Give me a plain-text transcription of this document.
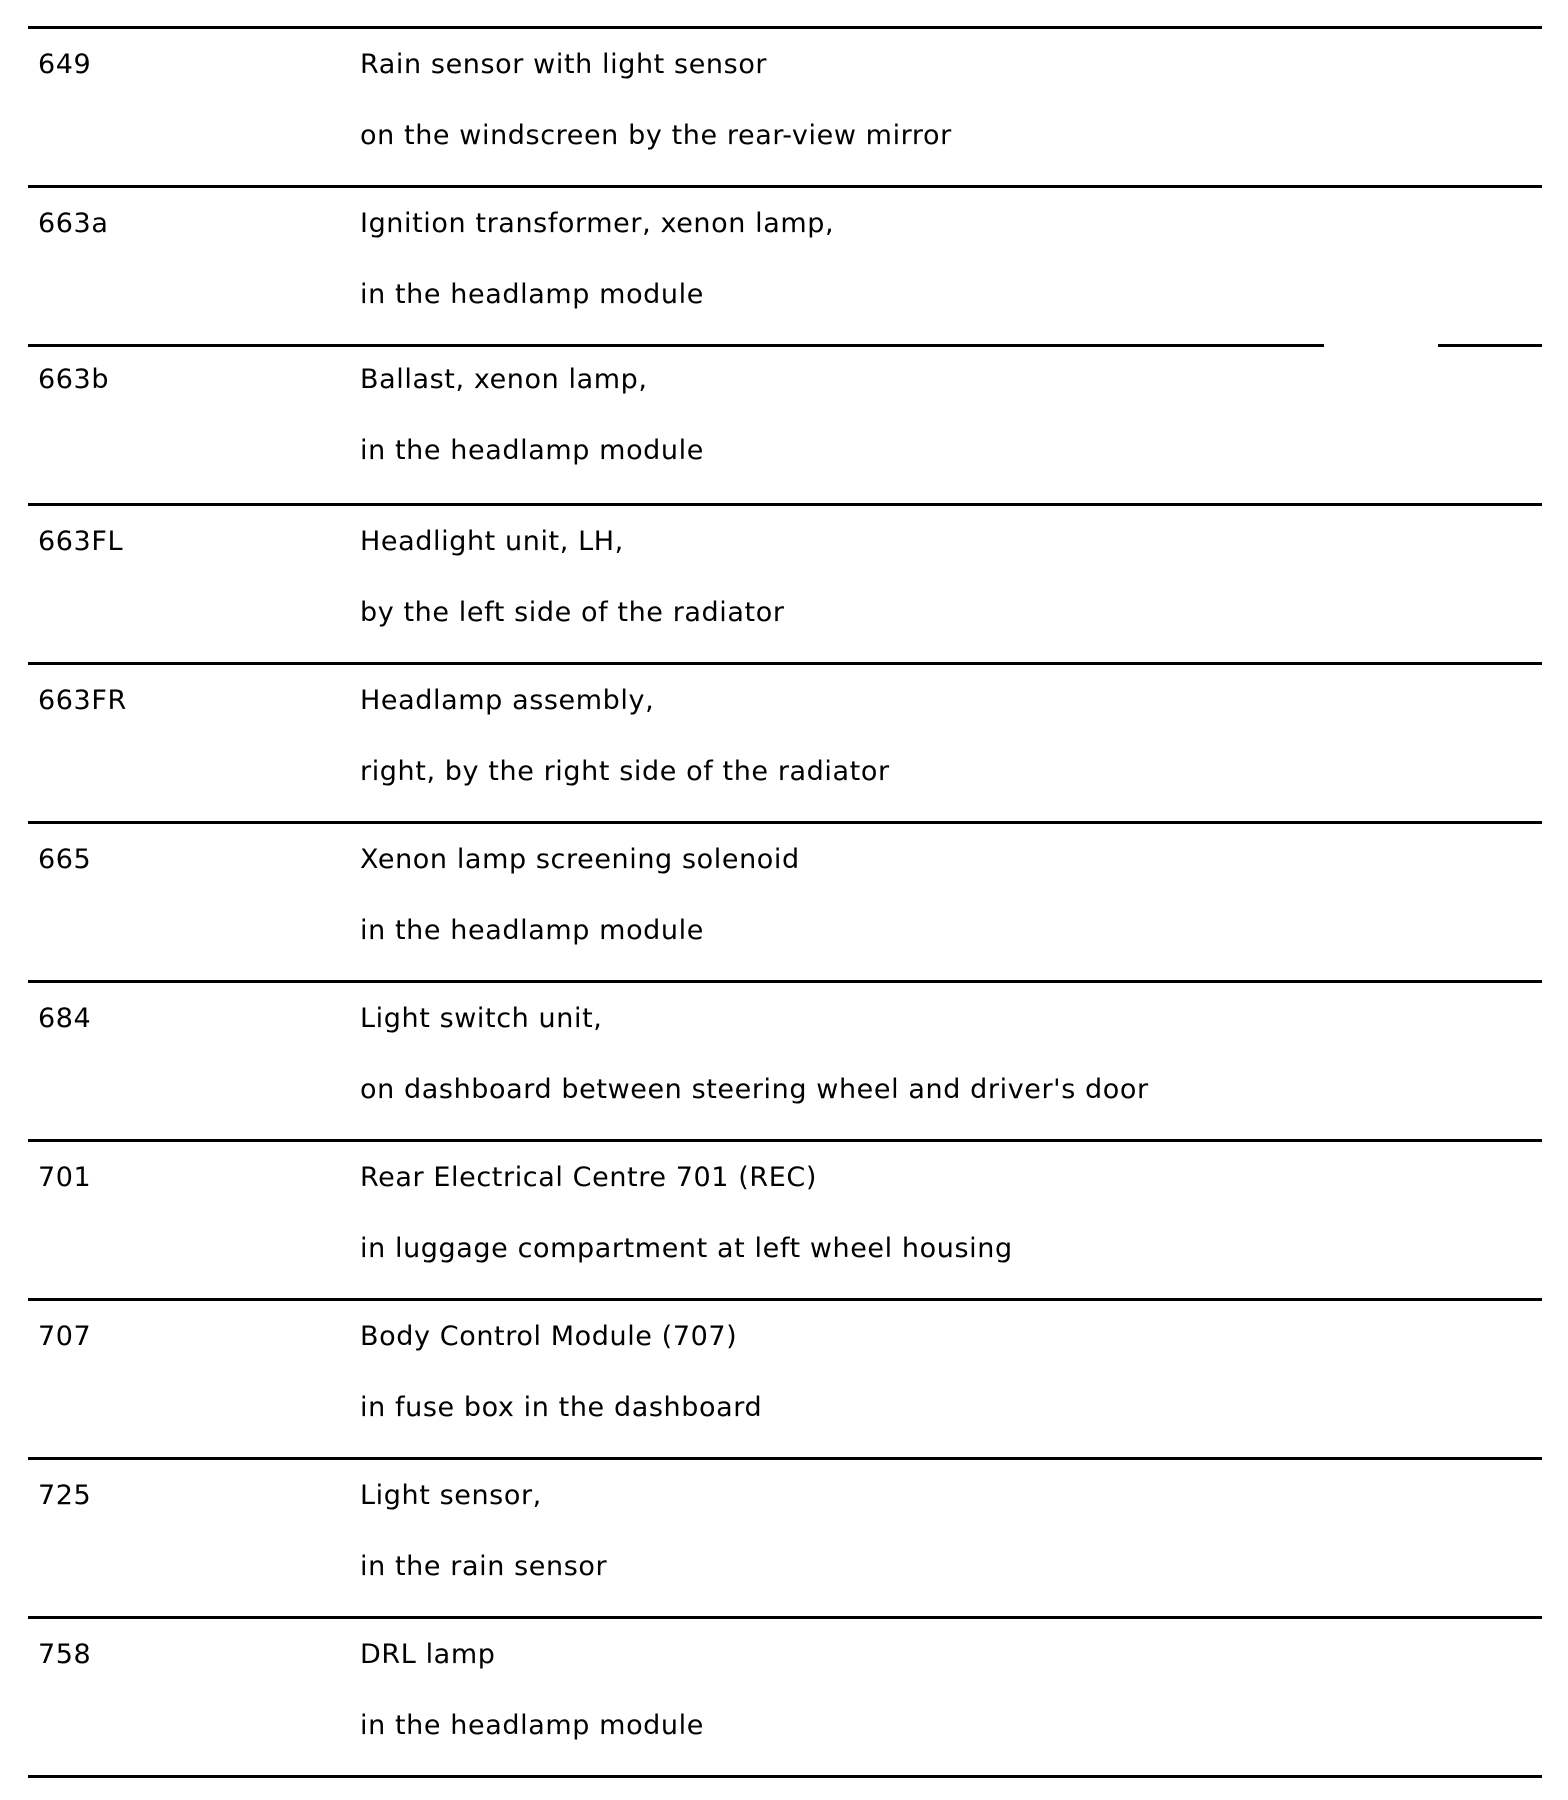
649	Rain sensor with light sensor
on the windscreen by the rear-view mirror
663a	Ignition transformer, xenon lamp,
in the headlamp module
663b	Ballast, xenon lamp,
in the headlamp module
663FL	Headlight unit, LH,
by the left side of the radiator
663FR	Headlamp assembly,
right, by the right side of the radiator
665	Xenon lamp screening solenoid
in the headlamp module
684	Light switch unit,
on dashboard between steering wheel and driver's door
701	Rear Electrical Centre 701 (REC)
in luggage compartment at left wheel housing
707	Body Control Module (707)
in fuse box in the dashboard
725	Light sensor,
in the rain sensor
758	DRL lamp
in the headlamp module
